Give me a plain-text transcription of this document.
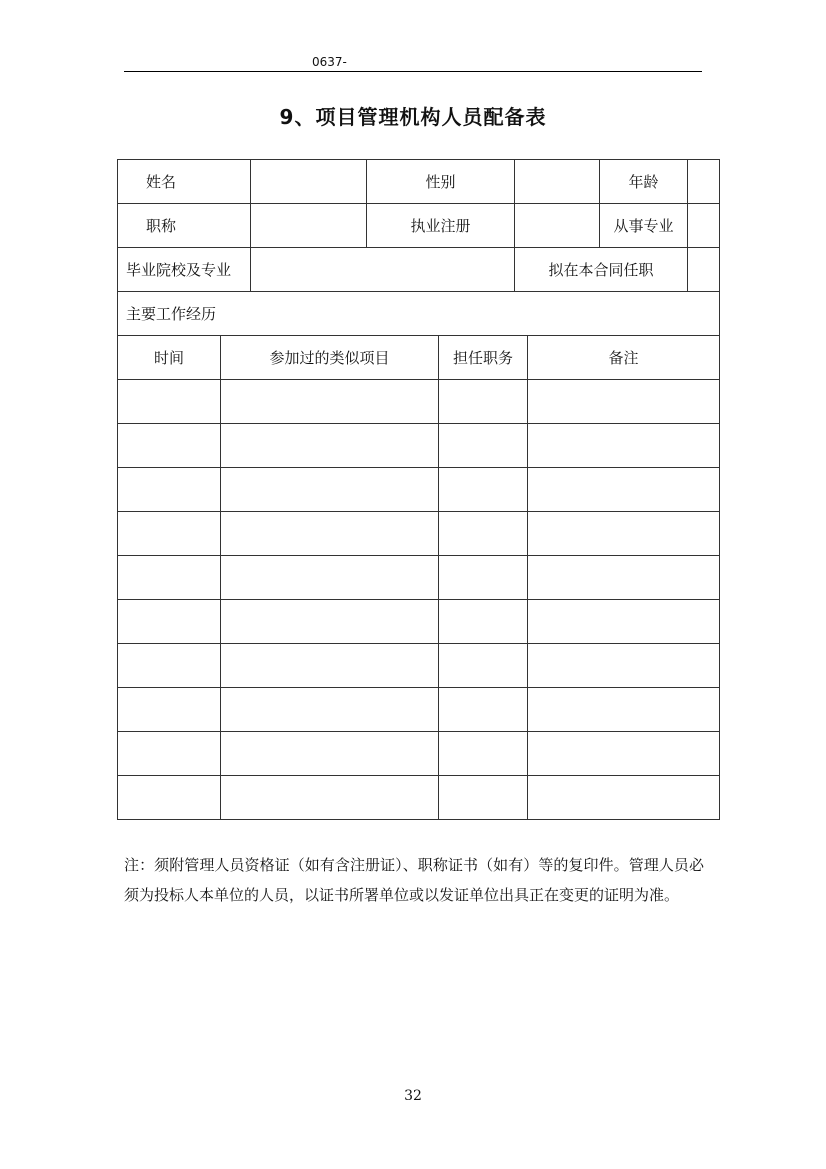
0637-
9、项目管理机构人员配备表
姓名			性别				年龄	
职称			执业注册				从事专业	
毕业院校及专业					拟在本合同任职			
主要工作经历								
时间	参加过的类似项目			担任职务		备注		

注：须附管理人员资格证（如有含注册证）、职称证书（如有）等的复印件。管理人员必须为投标人本单位的人员，以证书所署单位或以发证单位出具正在变更的证明为准。
32
